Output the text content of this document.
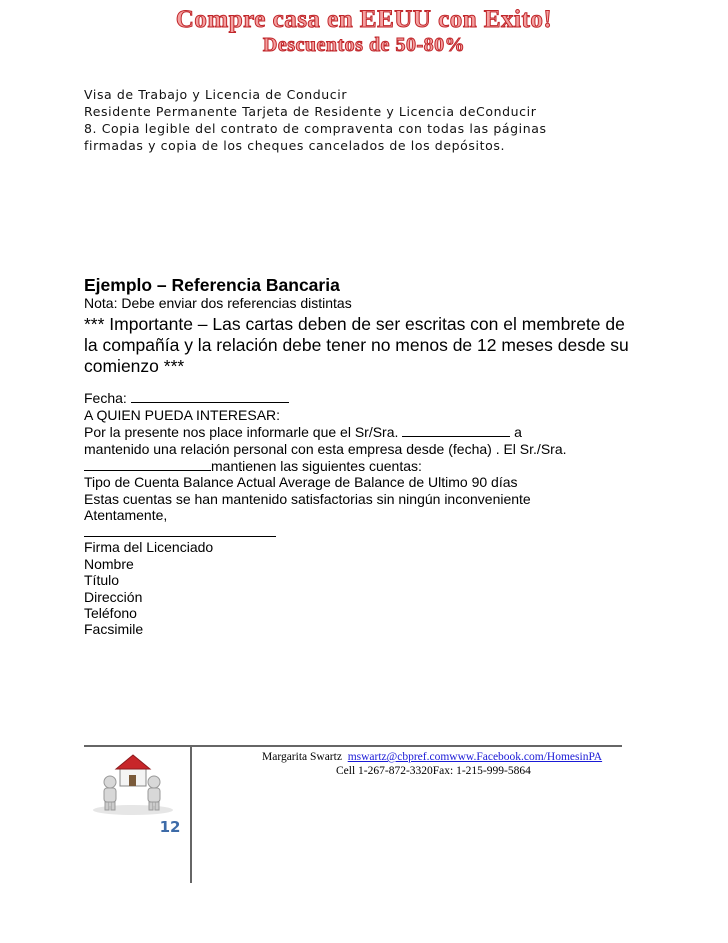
Compre casa en EEUU con Exito!
Descuentos de 50-80%
Visa de Trabajo y Licencia de Conducir
Residente Permanente Tarjeta de Residente y Licencia deConducir
8. Copia legible del contrato de compraventa con todas las páginas
firmadas y copia de los cheques cancelados de los depósitos.
Ejemplo – Referencia Bancaria
Nota: Debe enviar dos referencias distintas
*** Importante – Las cartas deben de ser escritas con el membrete de
la compañía y la relación debe tener no menos de 12 meses desde su
comienzo ***
Fecha:
A QUIEN PUEDA INTERESAR:
Por la presente nos place informarle que el Sr/Sra.	a
mantenido una relación personal con esta empresa desde (fecha) . El Sr./Sra.
mantienen las siguientes cuentas:
Tipo de Cuenta Balance Actual Average de Balance de Ultimo 90 días
Estas cuentas se han mantenido satisfactorias sin ningún inconveniente
Atentamente,
Firma del Licenciado
Nombre
Título
Dirección
Teléfono
Facsimile
Margarita Swartz mswartz@cbpref.comwww.Facebook.com/HomesinPA
Cell 1-267-872-3320Fax: 1-215-999-5864
12
